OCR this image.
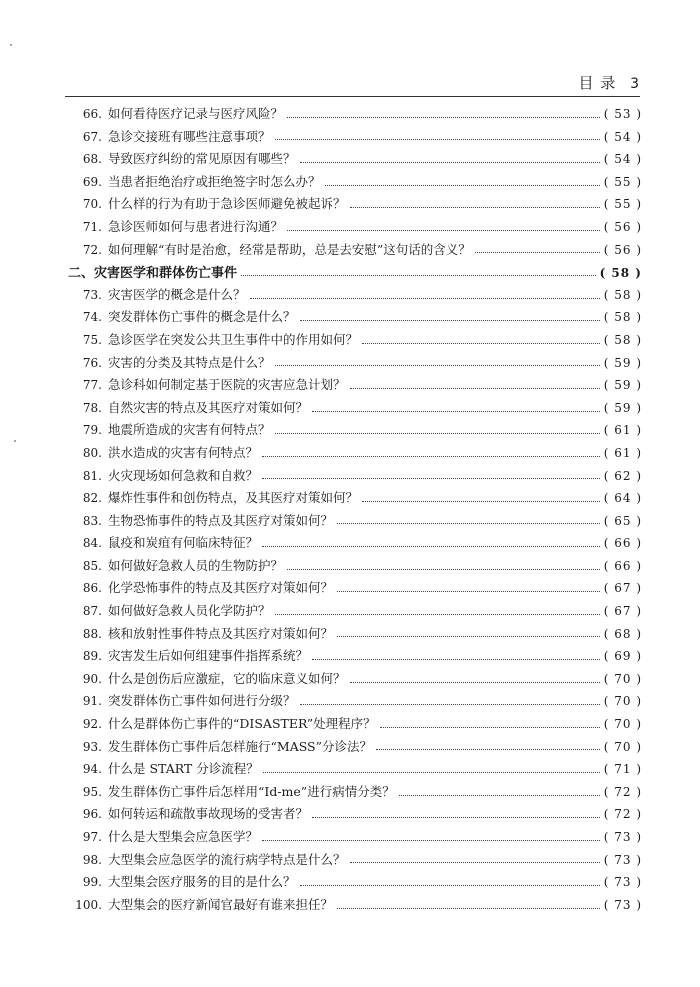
目 录 3
66. 如何看待医疗记录与医疗风险？	( 53 )
67. 急诊交接班有哪些注意事项？	( 54 )
68. 导致医疗纠纷的常见原因有哪些？	( 54 )
69. 当患者拒绝治疗或拒绝签字时怎么办？	( 55 )
70. 什么样的行为有助于急诊医师避免被起诉？	( 55 )
71. 急诊医师如何与患者进行沟通？	( 56 )
72. 如何理解“有时是治愈，经常是帮助，总是去安慰”这句话的含义？	( 56 )
二、灾害医学和群体伤亡事件	( 58 )
73. 灾害医学的概念是什么？	( 58 )
74. 突发群体伤亡事件的概念是什么？	( 58 )
75. 急诊医学在突发公共卫生事件中的作用如何？	( 58 )
76. 灾害的分类及其特点是什么？	( 59 )
77. 急诊科如何制定基于医院的灾害应急计划？	( 59 )
78. 自然灾害的特点及其医疗对策如何？	( 59 )
79. 地震所造成的灾害有何特点？	( 61 )
80. 洪水造成的灾害有何特点？	( 61 )
81. 火灾现场如何急救和自救？	( 62 )
82. 爆炸性事件和创伤特点，及其医疗对策如何？	( 64 )
83. 生物恐怖事件的特点及其医疗对策如何？	( 65 )
84. 鼠疫和炭疽有何临床特征？	( 66 )
85. 如何做好急救人员的生物防护？	( 66 )
86. 化学恐怖事件的特点及其医疗对策如何？	( 67 )
87. 如何做好急救人员化学防护？	( 67 )
88. 核和放射性事件特点及其医疗对策如何？	( 68 )
89. 灾害发生后如何组建事件指挥系统？	( 69 )
90. 什么是创伤后应激症，它的临床意义如何？	( 70 )
91. 突发群体伤亡事件如何进行分级？	( 70 )
92. 什么是群体伤亡事件的“DISASTER”处理程序？	( 70 )
93. 发生群体伤亡事件后怎样施行“MASS”分诊法？	( 70 )
94. 什么是 START 分诊流程？	( 71 )
95. 发生群体伤亡事件后怎样用“Id-me”进行病情分类？	( 72 )
96. 如何转运和疏散事故现场的受害者？	( 72 )
97. 什么是大型集会应急医学？	( 73 )
98. 大型集会应急医学的流行病学特点是什么？	( 73 )
99. 大型集会医疗服务的目的是什么？	( 73 )
100. 大型集会的医疗新闻官最好有谁来担任？	( 73 )
